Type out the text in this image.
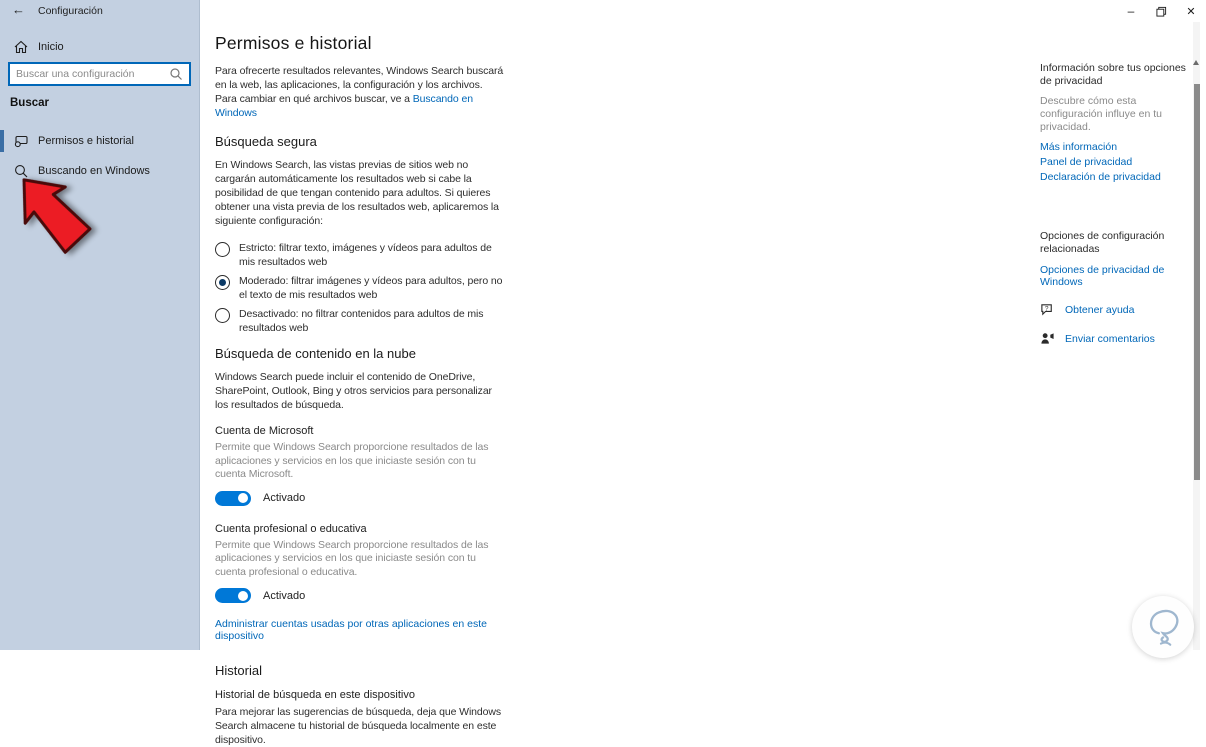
← Configuración
Inicio
Buscar una configuración
Buscar
Permisos e historial
Buscando en Windows
–	✕
Permisos e historial

Para ofrecerte resultados relevantes, Windows Search buscará en la web, las aplicaciones, la configuración y los archivos. Para cambiar en qué archivos buscar, ve a Buscando en Windows

Búsqueda segura

En Windows Search, las vistas previas de sitios web no cargarán automáticamente los resultados web si cabe la posibilidad de que tengan contenido para adultos. Si quieres obtener una vista previa de los resultados web, aplicaremos la siguiente configuración:

Estricto: filtrar texto, imágenes y vídeos para adultos de mis resultados web
Moderado: filtrar imágenes y vídeos para adultos, pero no el texto de mis resultados web
Desactivado: no filtrar contenidos para adultos de mis resultados web
Búsqueda de contenido en la nube

Windows Search puede incluir el contenido de OneDrive, SharePoint, Outlook, Bing y otros servicios para personalizar los resultados de búsqueda.

Cuenta de Microsoft

Permite que Windows Search proporcione resultados de las aplicaciones y servicios en los que iniciaste sesión con tu cuenta Microsoft.

Activado
Cuenta profesional o educativa

Permite que Windows Search proporcione resultados de las aplicaciones y servicios en los que iniciaste sesión con tu cuenta profesional o educativa.

Activado
Administrar cuentas usadas por otras aplicaciones en este dispositivo
Historial
Historial de búsqueda en este dispositivo

Para mejorar las sugerencias de búsqueda, deja que Windows Search almacene tu historial de búsqueda localmente en este dispositivo.

Información sobre tus opciones de privacidad
Descubre cómo esta configuración influye en tu privacidad.
Más información
Panel de privacidad
Declaración de privacidad
Opciones de configuración relacionadas
Opciones de privacidad de Windows
? Obtener ayuda
Enviar comentarios
